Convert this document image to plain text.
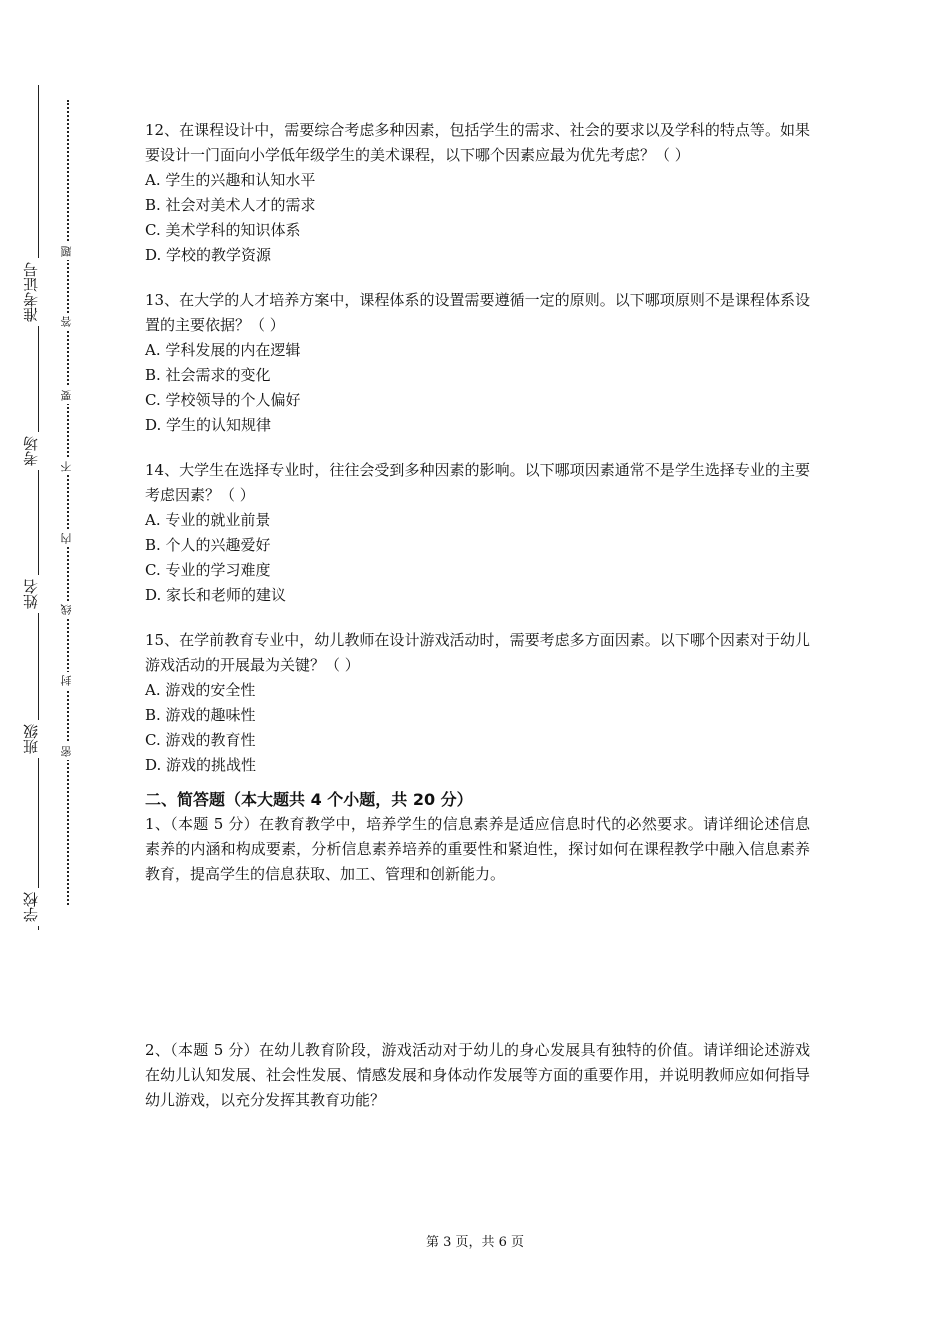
准考证号
考场
姓名
班级
学校
题
答
要
不
内
线
封
密
12、在课程设计中，需要综合考虑多种因素，包括学生的需求、社会的要求以及学科的特点等。如果要设计一门面向小学低年级学生的美术课程，以下哪个因素应最为优先考虑？（ ）
A. 学生的兴趣和认知水平
B. 社会对美术人才的需求
C. 美术学科的知识体系
D. 学校的教学资源
13、在大学的人才培养方案中，课程体系的设置需要遵循一定的原则。以下哪项原则不是课程体系设置的主要依据？（ ）
A. 学科发展的内在逻辑
B. 社会需求的变化
C. 学校领导的个人偏好
D. 学生的认知规律
14、大学生在选择专业时，往往会受到多种因素的影响。以下哪项因素通常不是学生选择专业的主要考虑因素？（ ）
A. 专业的就业前景
B. 个人的兴趣爱好
C. 专业的学习难度
D. 家长和老师的建议
15、在学前教育专业中，幼儿教师在设计游戏活动时，需要考虑多方面因素。以下哪个因素对于幼儿游戏活动的开展最为关键？（ ）
A. 游戏的安全性
B. 游戏的趣味性
C. 游戏的教育性
D. 游戏的挑战性
二、简答题（本大题共 4 个小题，共 20 分）
1、（本题 5 分）在教育教学中，培养学生的信息素养是适应信息时代的必然要求。请详细论述信息素养的内涵和构成要素，分析信息素养培养的重要性和紧迫性，探讨如何在课程教学中融入信息素养教育，提高学生的信息获取、加工、管理和创新能力。
2、（本题 5 分）在幼儿教育阶段，游戏活动对于幼儿的身心发展具有独特的价值。请详细论述游戏在幼儿认知发展、社会性发展、情感发展和身体动作发展等方面的重要作用，并说明教师应如何指导幼儿游戏，以充分发挥其教育功能？
第 3 页，共 6 页
